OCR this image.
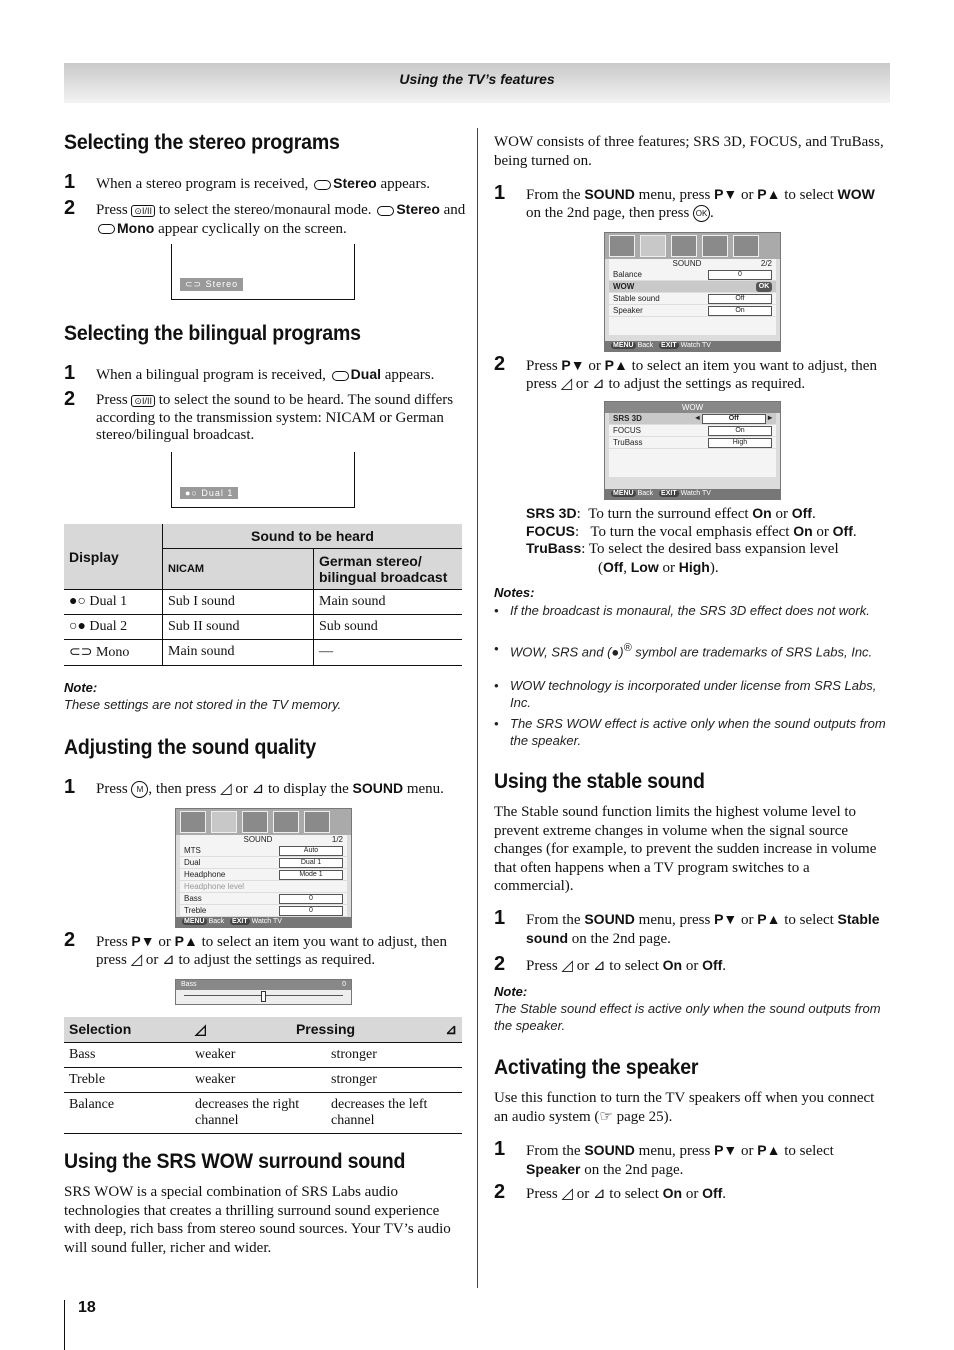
Using the TV’s features
Selecting the stereo programs
1 When a stereo program is received, Stereo appears.
2 Press ⊙I/II to select the stereo/monaural mode. Stereo and Mono appear cyclically on the screen.
⊂⊃ Stereo
Selecting the bilingual programs
1 When a bilingual program is received, Dual appears.
2 Press ⊙I/II to select the sound to be heard. The sound differs according to the transmission system: NICAM or German stereo/bilingual broadcast.
●○ Dual 1
Display	Sound to be heard	
	NICAM	German stereo/ bilingual broadcast
●○ Dual 1	Sub I sound	Main sound
○● Dual 2	Sub II sound	Sub sound
⊂⊃ Mono	Main sound	—
Note:
These settings are not stored in the TV memory.
Adjusting the sound quality
1 Press M , then press ◿ or ⊿ to display the SOUND menu.
SOUND	1/2
MTS	Auto
Dual	Dual 1
Headphone	Mode 1
Headphone level
Bass	0
Treble	0
MENU Back EXIT Watch TV
2 Press P▼ or P▲ to select an item you want to adjust, then press ◿ or ⊿ to adjust the settings as required.
Bass	0
Selection	◿ Pressing ⊿	

Bass	weaker	stronger
Treble	weaker	stronger
Balance	decreases the right channel	decreases the left channel
Using the SRS WOW surround sound
SRS WOW is a special combination of SRS Labs audio technologies that creates a thrilling surround sound experience with deep, rich bass from stereo sound sources. Your TV’s audio will sound fuller, richer and wider.
WOW consists of three features; SRS 3D, FOCUS, and TruBass, being turned on.
1 From the SOUND menu, press P▼ or P▲ to select WOW on the 2nd page, then press OK .
SOUND	2/2
Balance	0
WOW	OK
Stable sound	Off
Speaker	On
MENU Back EXIT Watch TV
2 Press P▼ or P▲ to select an item you want to adjust, then press ◿ or ⊿ to adjust the settings as required.
WOW
SRS 3D	◂	Off	▸
FOCUS	On
TruBass	High
MENU Back EXIT Watch TV
SRS 3D:  To turn the surround effect On or Off.
FOCUS:   To turn the vocal emphasis effect On or Off.
TruBass: To select the desired bass expansion level
(Off, Low or High).
Notes:
• If the broadcast is monaural, the SRS 3D effect does not work.
• WOW, SRS and (●)® symbol are trademarks of SRS Labs, Inc.
• WOW technology is incorporated under license from SRS Labs, Inc.
• The SRS WOW effect is active only when the sound outputs from the speaker.
Using the stable sound
The Stable sound function limits the highest volume level to prevent extreme changes in volume when the signal source changes (for example, to prevent the sudden increase in volume that often happens when a TV program switches to a commercial).
1 From the SOUND menu, press P▼ or P▲ to select Stable sound on the 2nd page.
2 Press ◿ or ⊿ to select On or Off.
Note:
The Stable sound effect is active only when the sound outputs from the speaker.
Activating the speaker
Use this function to turn the TV speakers off when you connect an audio system (☞ page 25).
1 From the SOUND menu, press P▼ or P▲ to select Speaker on the 2nd page.
2 Press ◿ or ⊿ to select On or Off.
18
